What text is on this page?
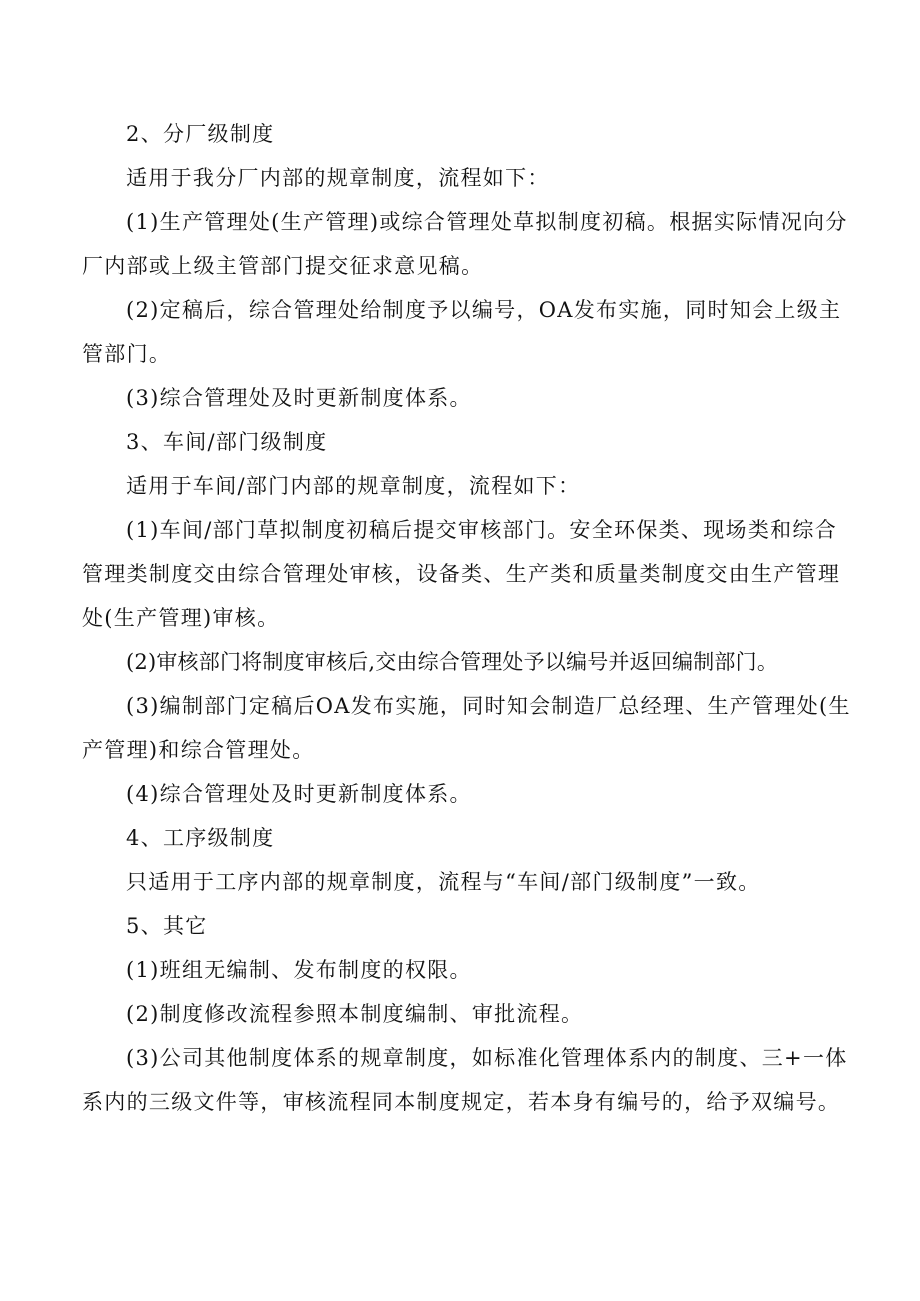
2、分厂级制度

适用于我分厂内部的规章制度，流程如下：

(1)生产管理处(生产管理)或综合管理处草拟制度初稿。根据实际情况向分厂内部或上级主管部门提交征求意见稿。

(2)定稿后，综合管理处给制度予以编号，OA发布实施，同时知会上级主管部门。

(3)综合管理处及时更新制度体系。

3、车间/部门级制度

适用于车间/部门内部的规章制度，流程如下：

(1)车间/部门草拟制度初稿后提交审核部门。安全环保类、现场类和综合管理类制度交由综合管理处审核，设备类、生产类和质量类制度交由生产管理处(生产管理)审核。

(2)审核部门将制度审核后,交由综合管理处予以编号并返回编制部门。

(3)编制部门定稿后OA发布实施，同时知会制造厂总经理、生产管理处(生产管理)和综合管理处。

(4)综合管理处及时更新制度体系。

4、工序级制度

只适用于工序内部的规章制度，流程与“车间/部门级制度”一致。

5、其它

(1)班组无编制、发布制度的权限。

(2)制度修改流程参照本制度编制、审批流程。

(3)公司其他制度体系的规章制度，如标准化管理体系内的制度、三+一体系内的三级文件等，审核流程同本制度规定，若本身有编号的，给予双编号。
